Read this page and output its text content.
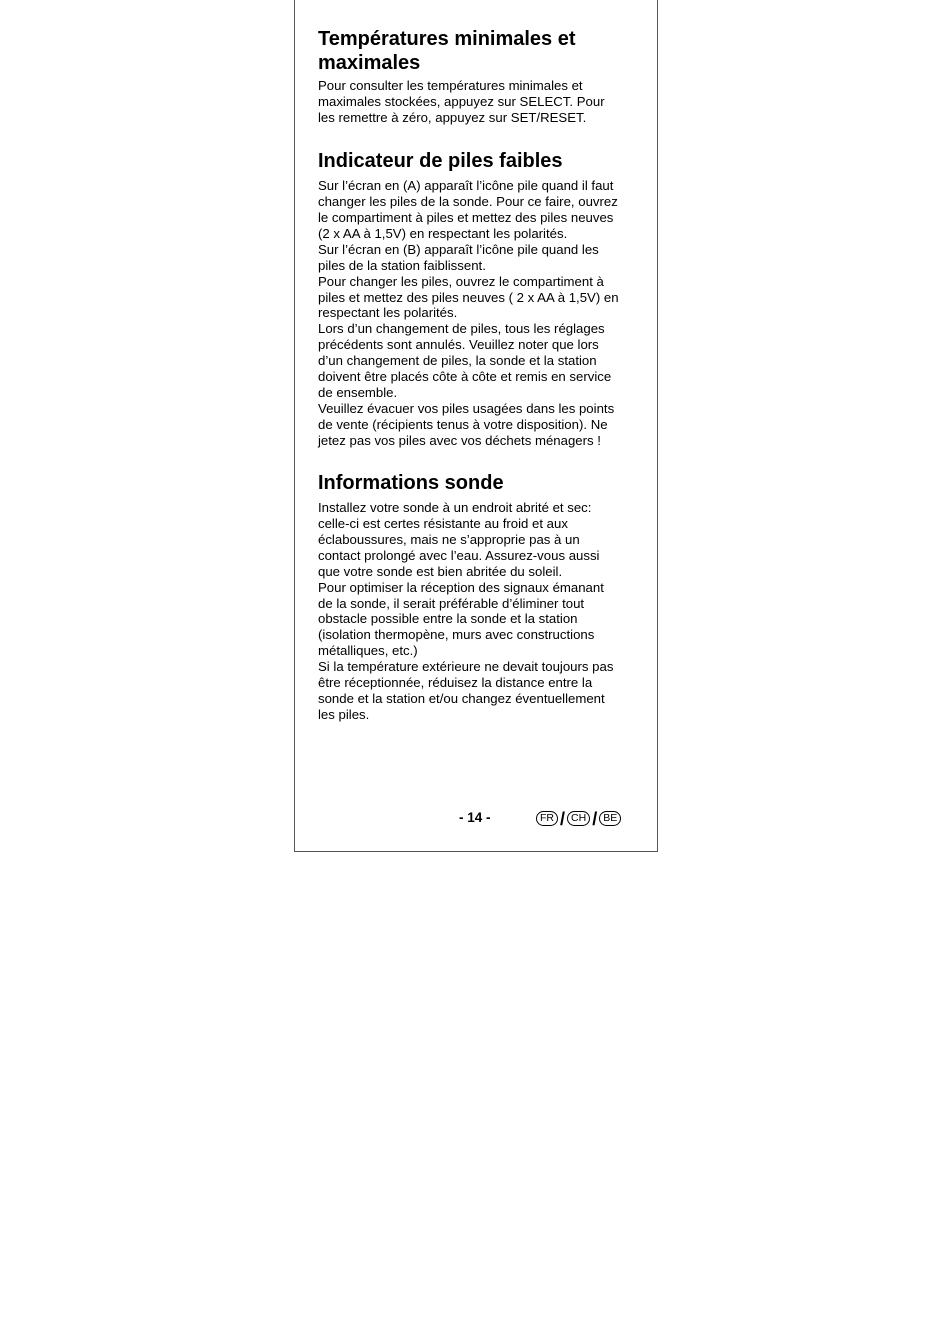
Températures minimales et maximales
Pour consulter les températures minimales et
maximales stockées, appuyez sur SELECT. Pour
les remettre à zéro, appuyez sur SET/RESET.
Indicateur de piles faibles
Sur l’écran en (A) apparaît l’icône pile quand il faut
changer les piles de la sonde. Pour ce faire, ouvrez
le compartiment à piles et mettez des piles neuves
(2 x AA à 1,5V) en respectant les polarités.
Sur l’écran en (B) apparaît l’icône pile quand les
piles de la station faiblissent.
Pour changer les piles, ouvrez le compartiment à
piles et mettez des piles neuves ( 2 x AA à 1,5V) en
respectant les polarités.
Lors d’un changement de piles, tous les réglages
précédents sont annulés. Veuillez noter que lors
d’un changement de piles, la sonde et la station
doivent être placés côte à côte et remis en service
de ensemble.
Veuillez évacuer vos piles usagées dans les points
de vente (récipients tenus à votre disposition). Ne
jetez pas vos piles avec vos déchets ménagers !
Informations sonde
Installez votre sonde à un endroit abrité et sec:
celle-ci est certes résistante au froid et aux
éclaboussures, mais ne s’approprie pas à un
contact prolongé avec l’eau. Assurez-vous aussi
que votre sonde est bien abritée du soleil.
Pour optimiser la réception des signaux émanant
de la sonde, il serait préférable d’éliminer tout
obstacle possible entre la sonde et la station
(isolation thermopène, murs avec constructions
métalliques, etc.)
Si la température extérieure ne devait toujours pas
être réceptionnée, réduisez la distance entre la
sonde et la station et/ou changez éventuellement
les piles.
- 14 -	FR / CH / BE
